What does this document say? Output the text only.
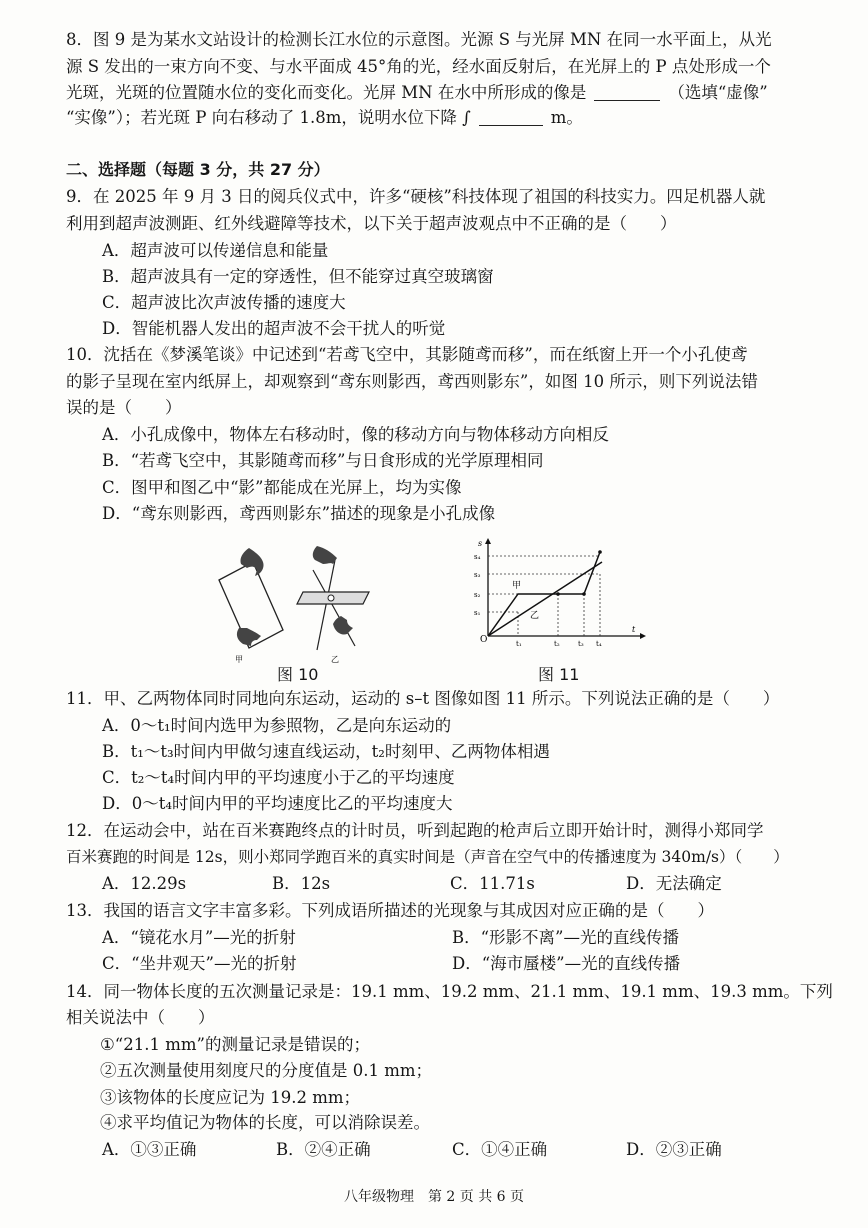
8．图 9 是为某水文站设计的检测长江水位的示意图。光源 S 与光屏 MN 在同一水平面上，从光
源 S 发出的一束方向不变、与水平面成 45°角的光，经水面反射后，在光屏上的 P 点处形成一个
光斑，光斑的位置随水位的变化而变化。光屏 MN 在水中所形成的像是	（选填“虚像”
“实像”）；若光斑 P 向右移动了 1.8m，说明水位下降 ∫	m。
二、选择题（每题 3 分，共 27 分）
9．在 2025 年 9 月 3 日的阅兵仪式中，许多“硬核”科技体现了祖国的科技实力。四足机器人就
利用到超声波测距、红外线避障等技术，以下关于超声波观点中不正确的是（　　）
A．超声波可以传递信息和能量
B．超声波具有一定的穿透性，但不能穿过真空玻璃窗
C．超声波比次声波传播的速度大
D．智能机器人发出的超声波不会干扰人的听觉
10．沈括在《梦溪笔谈》中记述到“若鸢飞空中，其影随鸢而移”，而在纸窗上开一个小孔使鸢
的影子呈现在室内纸屏上，却观察到“鸢东则影西，鸢西则影东”，如图 10 所示，则下列说法错
误的是（　　）
A．小孔成像中，物体左右移动时，像的移动方向与物体移动方向相反
B．“若鸢飞空中，其影随鸢而移”与日食形成的光学原理相同
C．图甲和图乙中“影”都能成在光屏上，均为实像
D．“鸢东则影西，鸢西则影东”描述的现象是小孔成像
甲	乙
图 10
s
t
O
s₁
s₂
s₃
s₄
t₁	t₂	t₃ t₄
甲
乙
图 11
11．甲、乙两物体同时同地向东运动，运动的 s–t 图像如图 11 所示。下列说法正确的是（　　）
A．0～t₁时间内选甲为参照物，乙是向东运动的
B．t₁～t₃时间内甲做匀速直线运动，t₂时刻甲、乙两物体相遇
C．t₂～t₄时间内甲的平均速度小于乙的平均速度
D．0～t₄时间内甲的平均速度比乙的平均速度大
12．在运动会中，站在百米赛跑终点的计时员，听到起跑的枪声后立即开始计时，测得小郑同学
百米赛跑的时间是 12s，则小郑同学跑百米的真实时间是（声音在空气中的传播速度为 340m/s）（　　）
A．12.29s	B．12s	C．11.71s	D．无法确定
13．我国的语言文字丰富多彩。下列成语所描述的光现象与其成因对应正确的是（　　）
A．“镜花水月”—光的折射	B．“形影不离”—光的直线传播
C．“坐井观天”—光的折射	D．“海市蜃楼”—光的直线传播
14．同一物体长度的五次测量记录是：19.1 mm、19.2 mm、21.1 mm、19.1 mm、19.3 mm。下列
相关说法中（　　）
①“21.1 mm”的测量记录是错误的；
②五次测量使用刻度尺的分度值是 0.1 mm；
③该物体的长度应记为 19.2 mm；
④求平均值记为物体的长度，可以消除误差。
A．①③正确	B．②④正确	C．①④正确	D．②③正确
八年级物理　第 2 页 共 6 页
